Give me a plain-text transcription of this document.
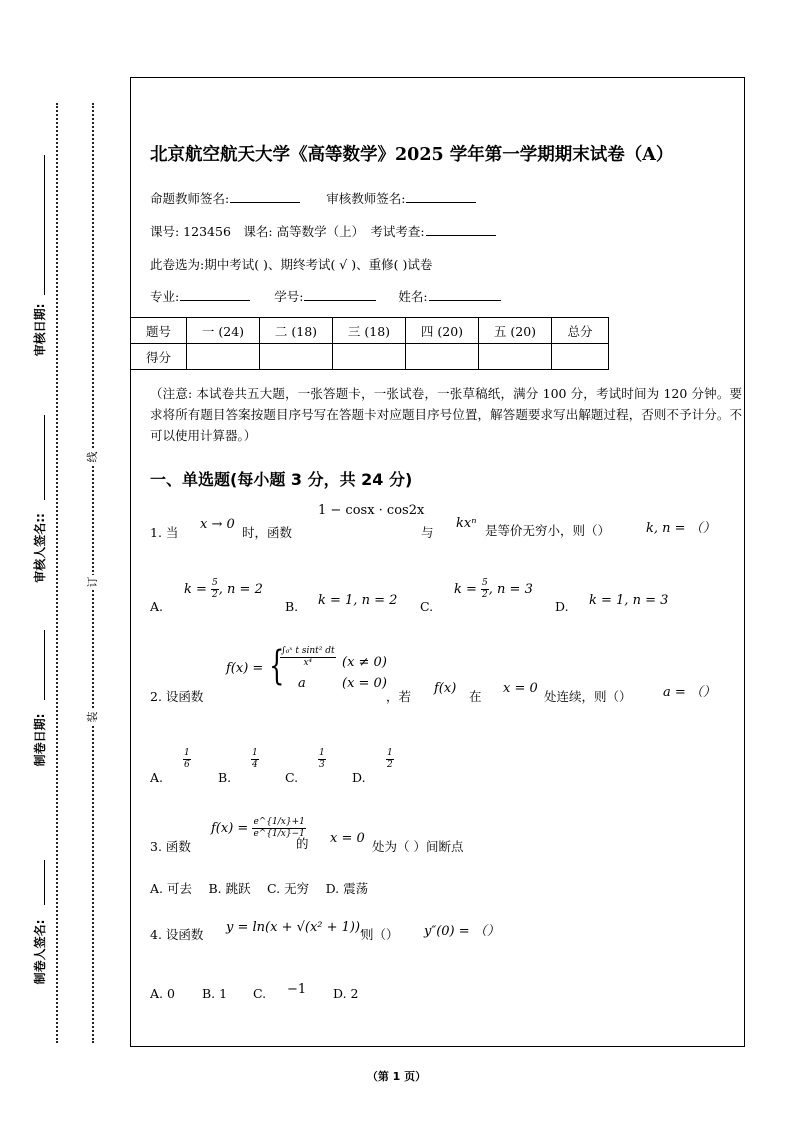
审核日期:
审核人签名::
制卷日期:
制卷人签名:
线
订
装
北京航空航天大学《高等数学》2025 学年第一学期期末试卷（A）
命题教师签名:	审核教师签名:
课号: 123456　课名: 高等数学（上）　考试考查:
此卷选为:期中考试( )、期终考试( √ )、重修( )试卷
专业:	学号:	姓名:
题号	一 (24)	二 (18)	三 (18)	四 (20)	五 (20)	总分
得分						
（注意: 本试卷共五大题，一张答题卡，一张试卷，一张草稿纸，满分 100 分，考试时间为 120 分钟。要求将所有题目答案按题目序号写在答题卡对应题目序号位置，解答题要求写出解题过程，否则不予计分。不可以使用计算器。）
一、单选题(每小题 3 分，共 24 分)
1. 当
x → 0
时，函数
1 − cosx · cos2x
与
kxⁿ 是等价无穷小，则（）	k, n = （）
A.
$k = \frac{5}{2}$ , n = 2
B. k = 1, n = 2 C.
$k = \frac{5}{2}$ , n = 3
D. k = 1, n = 3
2. 设函数
f(x) = {
$\frac{\text{∫₀ˣ t sint² dt}}{\text{x⁴}} (x \ne 0)$
a	(x = 0)
，若
f(x)
在
x = 0
处连续，则（） a = （）
A.
$\frac{1}{6}$
B.
$\frac{1}{4}$
C.
$\frac{1}{3}$
D.
$\frac{1}{2}$
3. 函数
$f(x) = \frac{e\^{}\{1/x\}+1}{e\^{}\{1/x\}-1}$
的 x = 0
处为（ ）间断点
A. 可去　 B. 跳跃　 C. 无穷　 D. 震荡
4. 设函数 y = ln(x + √(x² + 1)),
则（） y″(0) = （）
A. 0 B. 1 C. −1 D. 2
（第 1 页）
